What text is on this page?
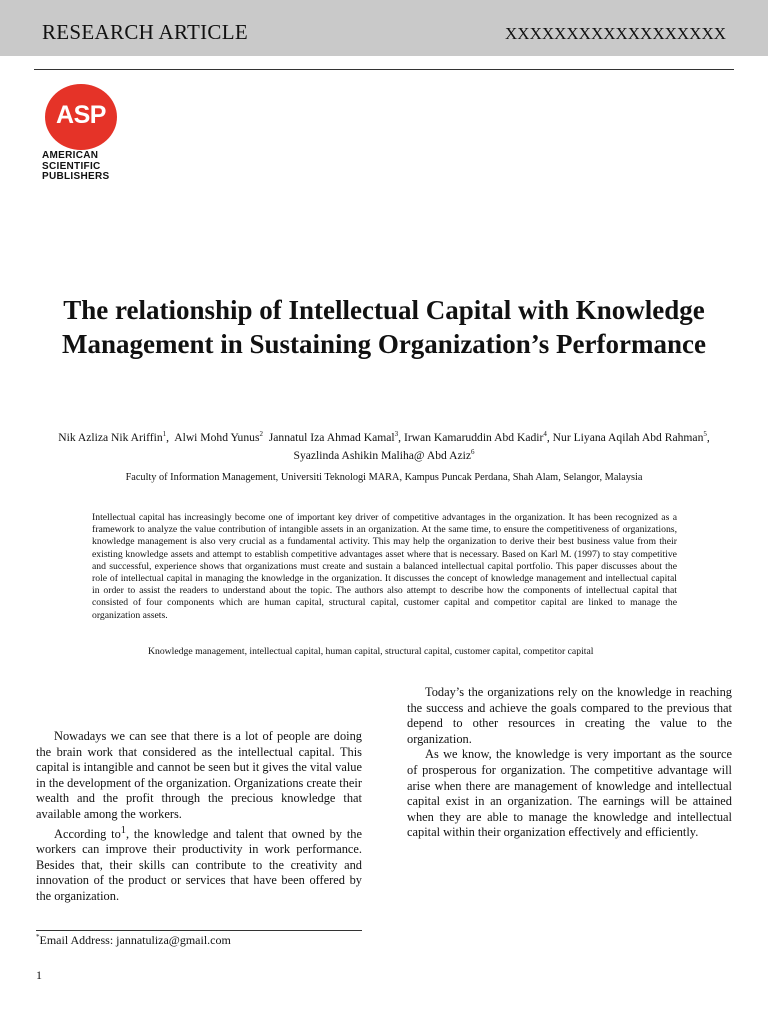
RESEARCH ARTICLE	XXXXXXXXXXXXXXXXXX
ASP
AMERICAN
SCIENTIFIC
PUBLISHERS
The relationship of Intellectual Capital with Knowledge Management in Sustaining Organization’s Performance
Nik Azliza Nik Ariffin$^1$,  Alwi Mohd Yunus$^2$ Jannatul Iza Ahmad Kamal$^3$, Irwan Kamaruddin Abd Kadir$^4$, Nur Liyana Aqilah Abd Rahman$^5$, Syazlinda Ashikin Maliha@ Abd Aziz$^6$
Faculty of Information Management, Universiti Teknologi MARA, Kampus Puncak Perdana, Shah Alam, Selangor, Malaysia

Intellectual capital has increasingly become one of important key driver of competitive advantages in the organization. It has been recognized as a framework to analyze the value contribution of intangible assets in an organization. At the same time, to ensure the competitiveness of organizations, knowledge management is also very crucial as a fundamental activity. This may help the organization to derive their best business value from their existing knowledge assets and attempt to establish competitive advantages asset where that is necessary. Based on Karl M. (1997) to stay competitive and successful, experience shows that organizations must create and sustain a balanced intellectual capital portfolio. This paper discusses about the role of intellectual capital in managing the knowledge in the organization. It discusses the concept of knowledge management and intellectual capital in order to assist the readers to understand about the topic. The authors also attempt to describe how the components of intellectual capital that consisted of four components which are human capital, structural capital, customer capital and competitor capital are linked to manage the organization assets.

Knowledge management, intellectual capital, human capital, structural capital, customer capital, competitor capital

Nowadays we can see that there is a lot of people are doing the brain work that considered as the intellectual capital. This capital is intangible and cannot be seen but it gives the vital value in the development of the organization. Organizations create their wealth and the profit through the precious knowledge that available among the workers.

According $to^1$, the knowledge and talent that owned by the workers can improve their productivity in work performance. Besides that, their skills can contribute to the creativity and innovation of the product or services that have been offered by the organization.

Today’s the organizations rely on the knowledge in reaching the success and achieve the goals compared to the previous that depend to other resources in creating the value to the organization.

As we know, the knowledge is very important as the source of prosperous for organization. The competitive advantage will arise when there are management of knowledge and intellectual capital exist in an organization. The earnings will be attained when they are able to manage the knowledge and intellectual capital within their organization effectively and efficiently.

*Email Address: jannatuliza@gmail.com
1
